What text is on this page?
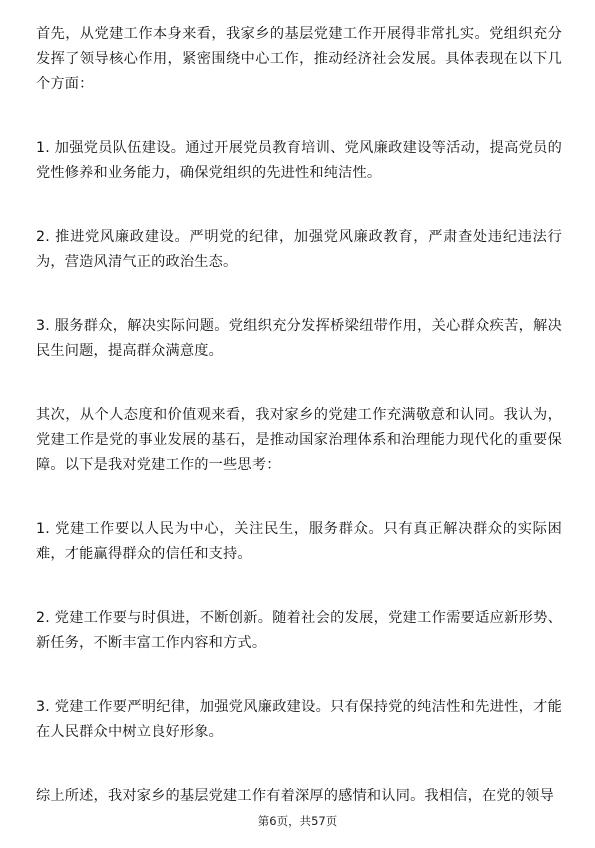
首先，从党建工作本身来看，我家乡的基层党建工作开展得非常扎实。党组织充分发挥了领导核心作用，紧密围绕中心工作，推动经济社会发展。具体表现在以下几个方面：

1. 加强党员队伍建设。通过开展党员教育培训、党风廉政建设等活动，提高党员的党性修养和业务能力，确保党组织的先进性和纯洁性。

2. 推进党风廉政建设。严明党的纪律，加强党风廉政教育，严肃查处违纪违法行为，营造风清气正的政治生态。

3. 服务群众，解决实际问题。党组织充分发挥桥梁纽带作用，关心群众疾苦，解决民生问题，提高群众满意度。

其次，从个人态度和价值观来看，我对家乡的党建工作充满敬意和认同。我认为，党建工作是党的事业发展的基石，是推动国家治理体系和治理能力现代化的重要保障。以下是我对党建工作的一些思考：

1. 党建工作要以人民为中心，关注民生，服务群众。只有真正解决群众的实际困难，才能赢得群众的信任和支持。

2. 党建工作要与时俱进，不断创新。随着社会的发展，党建工作需要适应新形势、新任务，不断丰富工作内容和方式。

3. 党建工作要严明纪律，加强党风廉政建设。只有保持党的纯洁性和先进性，才能在人民群众中树立良好形象。

综上所述，我对家乡的基层党建工作有着深厚的感情和认同。我相信，在党的领导

第6页，共57页
